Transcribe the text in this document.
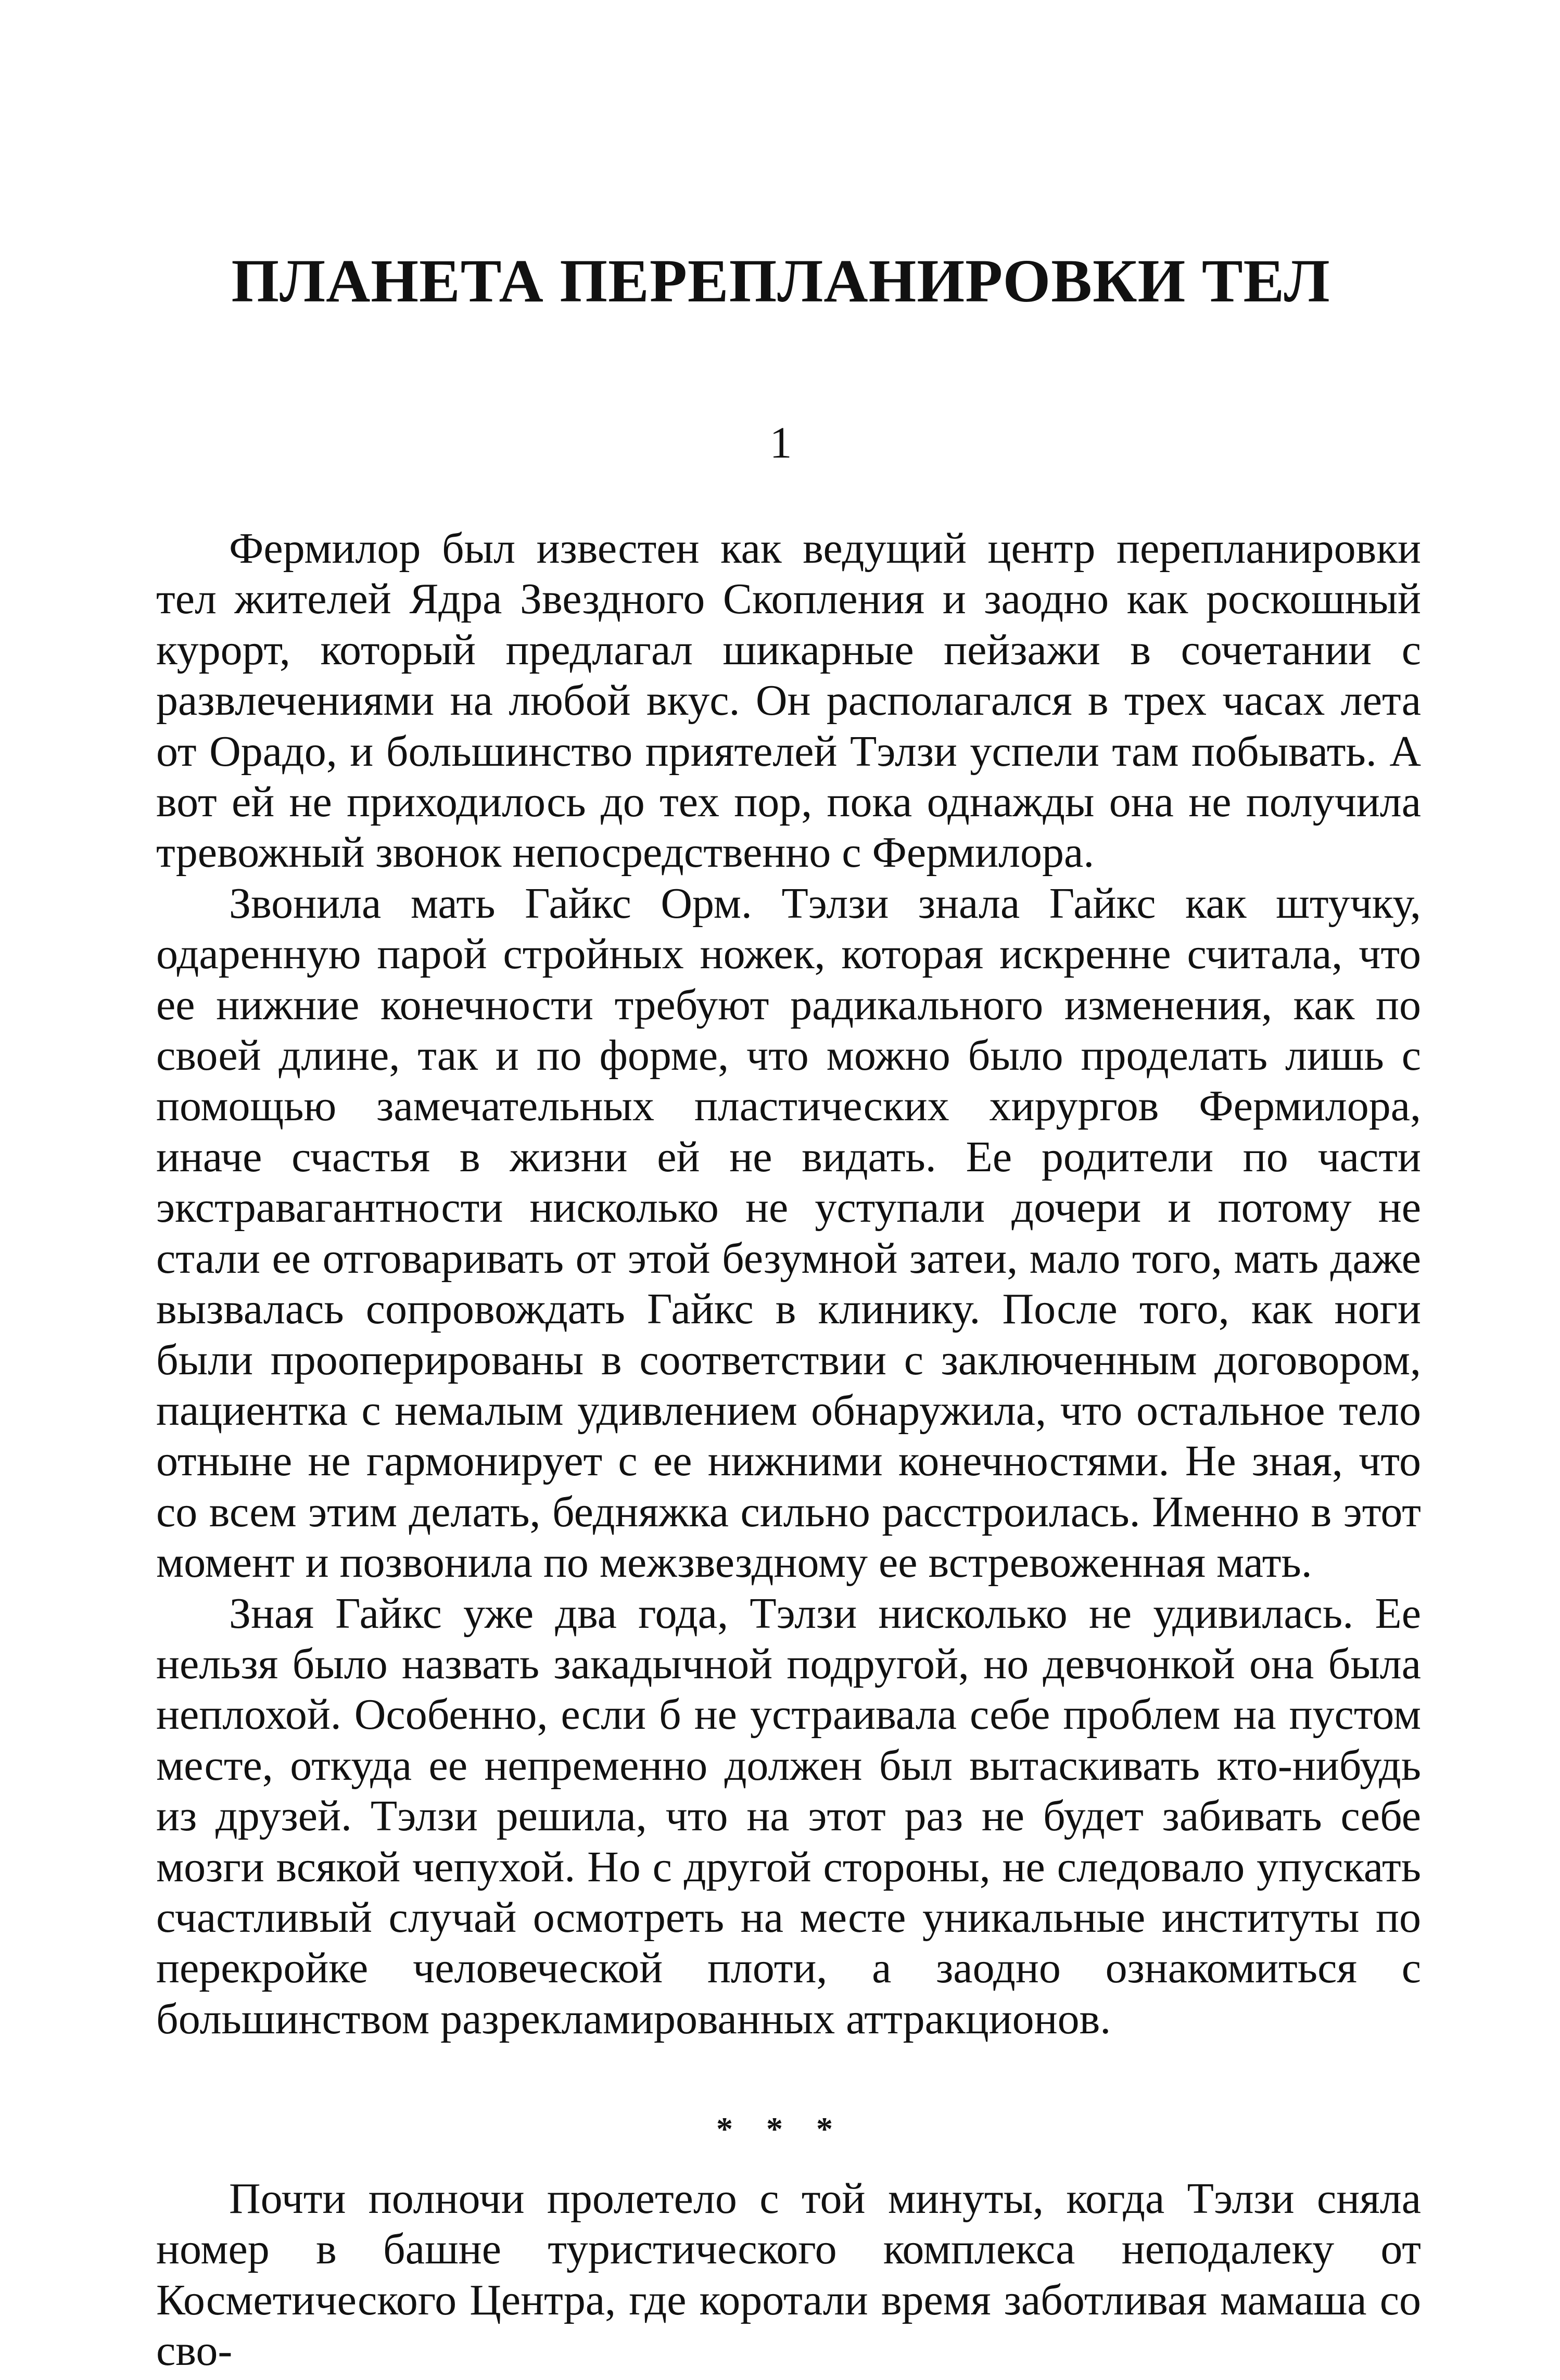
ПЛАНЕТА ПЕРЕПЛАНИРОВКИ ТЕЛ
1

Фермилор был известен как ведущий центр перепланировки тел жителей Ядра Звездного Скопления и заодно как роскошный курорт, который предлагал шикарные пейзажи в сочетании с развлечениями на любой вкус. Он располагался в трех часах лета от Орадо, и большинство приятелей Тэлзи успели там побывать. А вот ей не приходилось до тех пор, пока однажды она не получила тревожный звонок непосредственно с Фермилора.

Звонила мать Гайкс Орм. Тэлзи знала Гайкс как штучку, одаренную парой стройных ножек, которая искренне считала, что ее нижние конечности требуют радикального изменения, как по своей длине, так и по форме, что можно было проделать лишь с помощью замечательных пластических хирургов Фермилора, иначе счастья в жизни ей не видать. Ее родители по части экстравагантности нисколько не уступали дочери и потому не стали ее отговаривать от этой безумной затеи, мало того, мать даже вызвалась сопровождать Гайкс в клинику. После того, как ноги были прооперированы в соответствии с заключенным договором, пациентка с немалым удивлением обнаружила, что остальное тело отныне не гармонирует с ее нижними конечностями. Не зная, что со всем этим делать, бедняжка сильно расстроилась. Именно в этот момент и позвонила по межзвездному ее встревоженная мать.

Зная Гайкс уже два года, Тэлзи нисколько не удивилась. Ее нельзя было назвать закадычной подругой, но девчонкой она была неплохой. Особенно, если б не устраивала себе проблем на пустом месте, откуда ее непременно должен был вытаскивать кто-нибудь из друзей. Тэлзи решила, что на этот раз не будет забивать себе мозги всякой чепухой. Но с другой стороны, не следовало упускать счастливый случай осмотреть на месте уникальные институты по перекройке человеческой плоти, а заодно ознакомиться с большинством разрекламированных аттракционов.

* * *

Почти полночи пролетело с той минуты, когда Тэлзи сняла номер в башне туристического комплекса неподалеку от Косметического Центра, где коротали время заботливая мамаша со сво-
